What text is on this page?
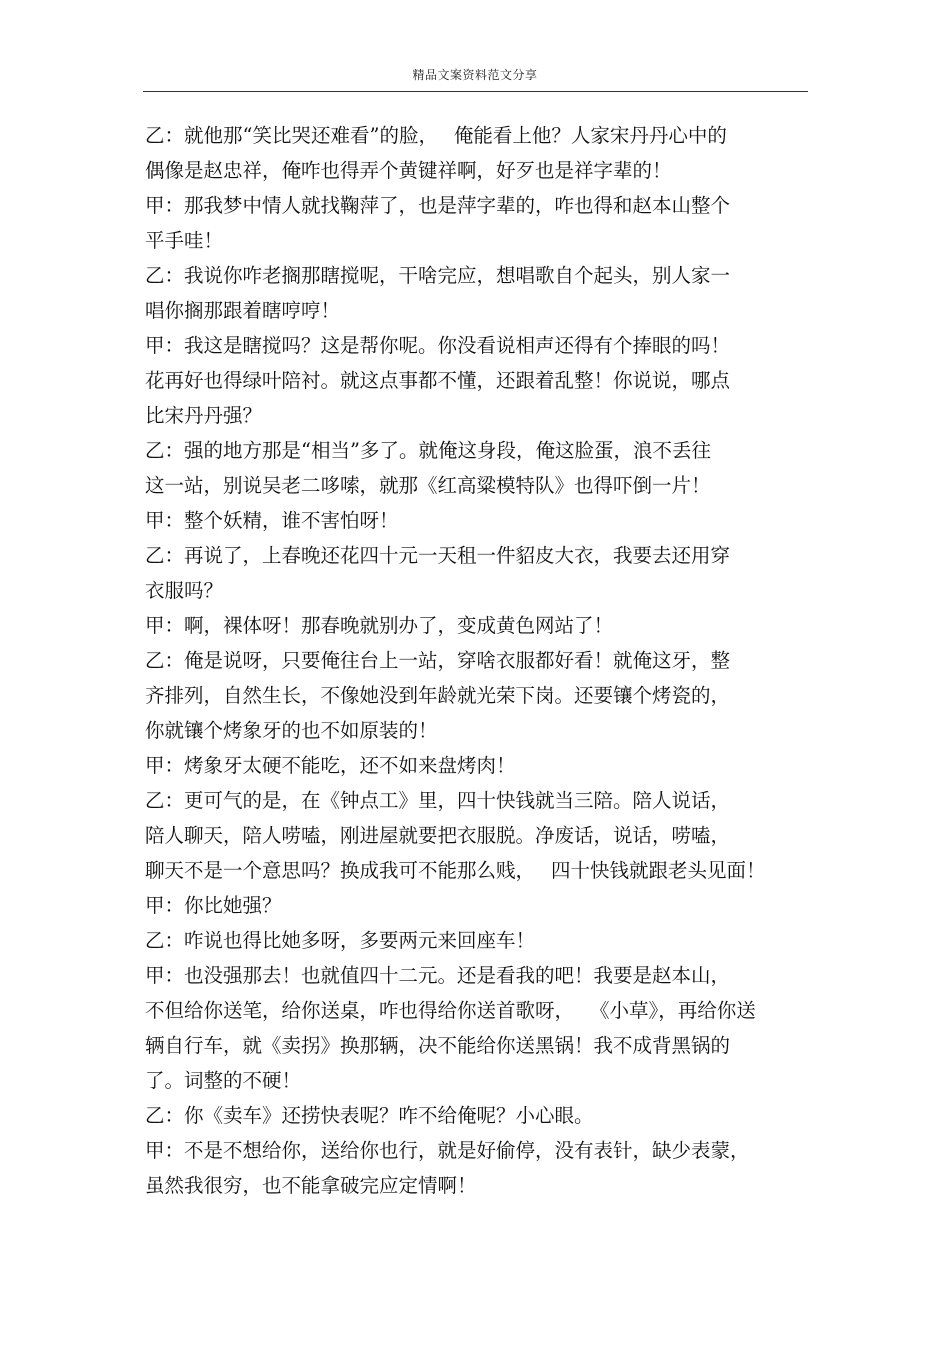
精品文案资料范文分享
乙：就他那“笑比哭还难看”的脸，　 俺能看上他？人家宋丹丹心中的
偶像是赵忠祥，俺咋也得弄个黄键祥啊，好歹也是祥字辈的！
甲：那我梦中情人就找鞠萍了，也是萍字辈的，咋也得和赵本山整个
平手哇！
乙：我说你咋老搁那瞎搅呢，干啥完应，想唱歌自个起头，别人家一
唱你搁那跟着瞎哼哼！
甲：我这是瞎搅吗？这是帮你呢。你没看说相声还得有个捧眼的吗！
花再好也得绿叶陪衬。就这点事都不懂，还跟着乱整！你说说，哪点
比宋丹丹强？
乙：强的地方那是“相当”多了。就俺这身段，俺这脸蛋，浪不丢往
这一站，别说吴老二哆嗦，就那《红高粱模特队》也得吓倒一片！
甲：整个妖精，谁不害怕呀！
乙：再说了，上春晚还花四十元一天租一件貂皮大衣，我要去还用穿
衣服吗？
甲：啊，裸体呀！那春晚就别办了，变成黄色网站了！
乙：俺是说呀，只要俺往台上一站，穿啥衣服都好看！就俺这牙，整
齐排列，自然生长，不像她没到年龄就光荣下岗。还要镶个烤瓷的，
你就镶个烤象牙的也不如原装的！
甲：烤象牙太硬不能吃，还不如来盘烤肉！
乙：更可气的是，在《钟点工》里，四十快钱就当三陪。陪人说话，
陪人聊天，陪人唠嗑，刚进屋就要把衣服脱。净废话，说话，唠嗑，
聊天不是一个意思吗？换成我可不能那么贱，　 四十快钱就跟老头见面！
甲：你比她强？
乙：咋说也得比她多呀，多要两元来回座车！
甲：也没强那去！也就值四十二元。还是看我的吧！我要是赵本山，
不但给你送笔，给你送桌，咋也得给你送首歌呀，　 《小草》，再给你送
辆自行车，就《卖拐》换那辆，决不能给你送黑锅！我不成背黑锅的
了。词整的不硬！
乙：你《卖车》还捞快表呢？咋不给俺呢？小心眼。
甲：不是不想给你，送给你也行，就是好偷停，没有表针，缺少表蒙，
虽然我很穷，也不能拿破完应定情啊！
